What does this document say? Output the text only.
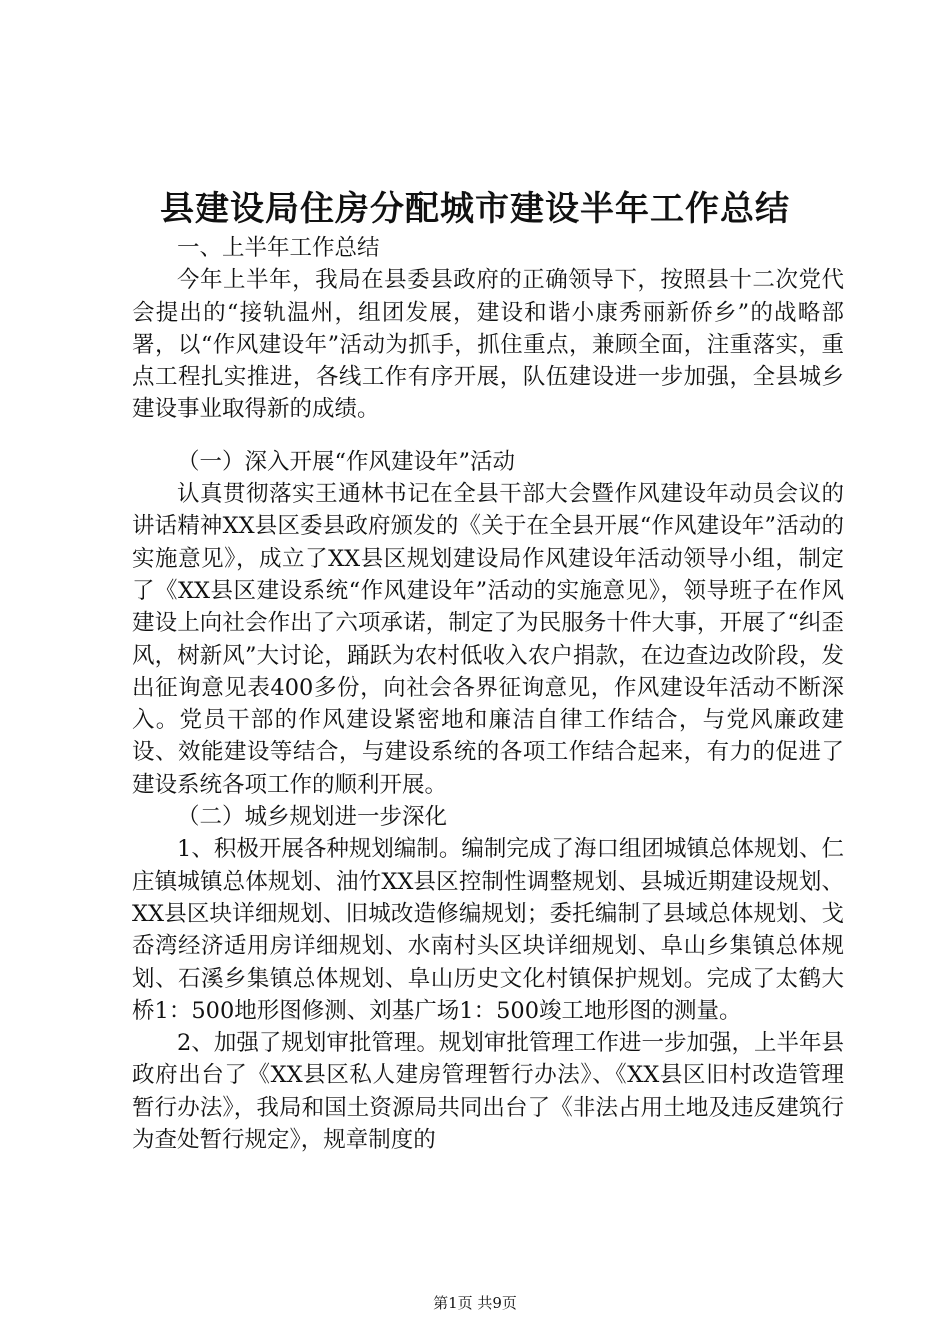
县建设局住房分配城市建设半年工作总结

一、上半年工作总结

今年上半年，我局在县委县政府的正确领导下，按照县十二次党代会提出的“接轨温州，组团发展，建设和谐小康秀丽新侨乡”的战略部署，以“作风建设年”活动为抓手，抓住重点，兼顾全面，注重落实，重点工程扎实推进，各线工作有序开展，队伍建设进一步加强，全县城乡建设事业取得新的成绩。

（一）深入开展“作风建设年”活动

认真贯彻落实王通林书记在全县干部大会暨作风建设年动员会议的讲话精神XX县区委县政府颁发的《关于在全县开展“作风建设年”活动的实施意见》，成立了XX县区规划建设局作风建设年活动领导小组，制定了《XX县区建设系统“作风建设年”活动的实施意见》，领导班子在作风建设上向社会作出了六项承诺，制定了为民服务十件大事，开展了“纠歪风，树新风”大讨论，踊跃为农村低收入农户捐款，在边查边改阶段，发出征询意见表400多份，向社会各界征询意见，作风建设年活动不断深入。党员干部的作风建设紧密地和廉洁自律工作结合，与党风廉政建设、效能建设等结合，与建设系统的各项工作结合起来，有力的促进了建设系统各项工作的顺利开展。

（二）城乡规划进一步深化

1、积极开展各种规划编制。编制完成了海口组团城镇总体规划、仁庄镇城镇总体规划、油竹XX县区控制性调整规划、县城近期建设规划、XX县区块详细规划、旧城改造修编规划；委托编制了县域总体规划、戈岙湾经济适用房详细规划、水南村头区块详细规划、阜山乡集镇总体规划、石溪乡集镇总体规划、阜山历史文化村镇保护规划。完成了太鹤大桥1：500地形图修测、刘基广场1：500竣工地形图的测量。

2、加强了规划审批管理。规划审批管理工作进一步加强，上半年县政府出台了《XX县区私人建房管理暂行办法》、《XX县区旧村改造管理暂行办法》，我局和国土资源局共同出台了《非法占用土地及违反建筑行为查处暂行规定》，规章制度的

第1页 共9页
